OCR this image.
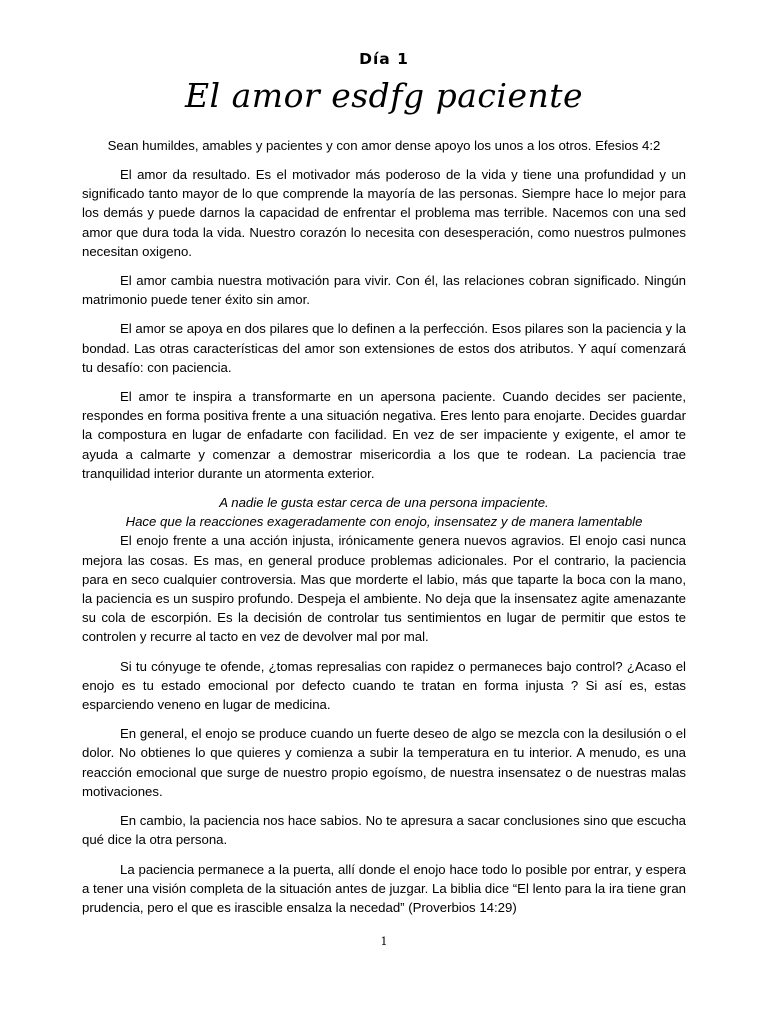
Día 1
El amor esdfg paciente
Sean humildes, amables y pacientes y con amor dense apoyo los unos a los otros. Efesios 4:2

El amor da resultado. Es el motivador más poderoso de la vida y tiene una profundidad y un significado tanto mayor de lo que comprende la mayoría de las personas. Siempre hace lo mejor para los demás y puede darnos la capacidad de enfrentar el problema mas terrible. Nacemos con una sed amor que dura toda la vida. Nuestro corazón lo necesita con desesperación, como nuestros pulmones necesitan oxigeno.

El amor cambia nuestra motivación para vivir. Con él, las relaciones cobran significado. Ningún matrimonio puede tener éxito sin amor.

El amor se apoya en dos pilares que lo definen a la perfección. Esos pilares son la paciencia y la bondad. Las otras características del amor son extensiones de estos dos atributos. Y aquí comenzará tu desafío: con paciencia.

El amor te inspira a transformarte en un apersona paciente. Cuando decides ser paciente, respondes en forma positiva frente a una situación negativa. Eres lento para enojarte. Decides guardar la compostura en lugar de enfadarte con facilidad. En vez de ser impaciente y exigente, el amor te ayuda a calmarte y comenzar a demostrar misericordia a los que te rodean. La paciencia trae tranquilidad interior durante un atormenta exterior.

A nadie le gusta estar cerca de una persona impaciente.

Hace que la reacciones exageradamente con enojo, insensatez y de manera lamentable

El enojo frente a una acción injusta, irónicamente genera nuevos agravios. El enojo casi nunca mejora las cosas. Es mas, en general produce problemas adicionales. Por el contrario, la paciencia para en seco cualquier controversia. Mas que morderte el labio, más que taparte la boca con la mano, la paciencia es un suspiro profundo. Despeja el ambiente. No deja que la insensatez agite amenazante su cola de escorpión. Es la decisión de controlar tus sentimientos en lugar de permitir que estos te controlen y recurre al tacto en vez de devolver mal por mal.

Si tu cónyuge te ofende, ¿tomas represalias con rapidez o permaneces bajo control? ¿Acaso el enojo es tu estado emocional por defecto cuando te tratan en forma injusta ? Si así es, estas esparciendo veneno en lugar de medicina.

En general, el enojo se produce cuando un fuerte deseo de algo se mezcla con la desilusión o el dolor. No obtienes lo que quieres y comienza a subir la temperatura en tu interior. A menudo, es una reacción emocional que surge de nuestro propio egoísmo, de nuestra insensatez o de nuestras malas motivaciones.

En cambio, la paciencia nos hace sabios. No te apresura a sacar conclusiones sino que escucha qué dice la otra persona.

La paciencia permanece a la puerta, allí donde el enojo hace todo lo posible por entrar, y espera a tener una visión completa de la situación antes de juzgar. La biblia dice “El lento para la ira tiene gran prudencia, pero el que es irascible ensalza la necedad” (Proverbios 14:29)

1
